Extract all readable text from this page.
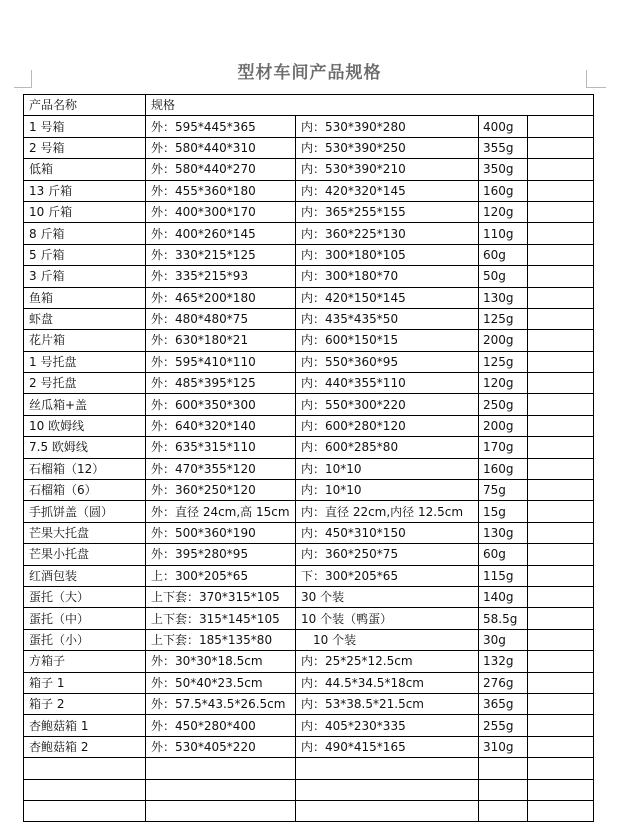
型材车间产品规格
产品名称	规格			
1 号箱	外：595*445*365	内：530*390*280	400g	
2 号箱	外：580*440*310	内：530*390*250	355g	
低箱	外：580*440*270	内：530*390*210	350g	
13 斤箱	外：455*360*180	内：420*320*145	160g	
10 斤箱	外：400*300*170	内：365*255*155	120g	
8 斤箱	外：400*260*145	内：360*225*130	110g	
5 斤箱	外：330*215*125	内：300*180*105	60g	
3 斤箱	外：335*215*93	内：300*180*70	50g	
鱼箱	外：465*200*180	内：420*150*145	130g	
虾盘	外：480*480*75	内：435*435*50	125g	
花片箱	外：630*180*21	内：600*150*15	200g	
1 号托盘	外：595*410*110	内：550*360*95	125g	
2 号托盘	外：485*395*125	内：440*355*110	120g	
丝瓜箱+盖	外：600*350*300	内：550*300*220	250g	
10 欧姆线	外：640*320*140	内：600*280*120	200g	
7.5 欧姆线	外：635*315*110	内：600*285*80	170g	
石榴箱（12）	外：470*355*120	内：10*10	160g	
石榴箱（6）	外：360*250*120	内：10*10	75g	
手抓饼盖（圆）	外：直径 24cm,高 15cm	内：直径 22cm,内径 12.5cm	15g	
芒果大托盘	外：500*360*190	内：450*310*150	130g	
芒果小托盘	外：395*280*95	内：360*250*75	60g	
红酒包装	上：300*205*65	下：300*205*65	115g	
蛋托（大）	上下套：370*315*105	30 个装	140g	
蛋托（中）	上下套：315*145*105	10 个装（鸭蛋）	58.5g	
蛋托（小）	上下套：185*135*80	　10 个装	30g	
方箱子	外：30*30*18.5cm	内：25*25*12.5cm	132g	
箱子 1	外：50*40*23.5cm	内：44.5*34.5*18cm	276g	
箱子 2	外：57.5*43.5*26.5cm	内：53*38.5*21.5cm	365g	
杏鲍菇箱 1	外：450*280*400	内：405*230*335	255g	
杏鲍菇箱 2	外：530*405*220	内：490*415*165	310g	
